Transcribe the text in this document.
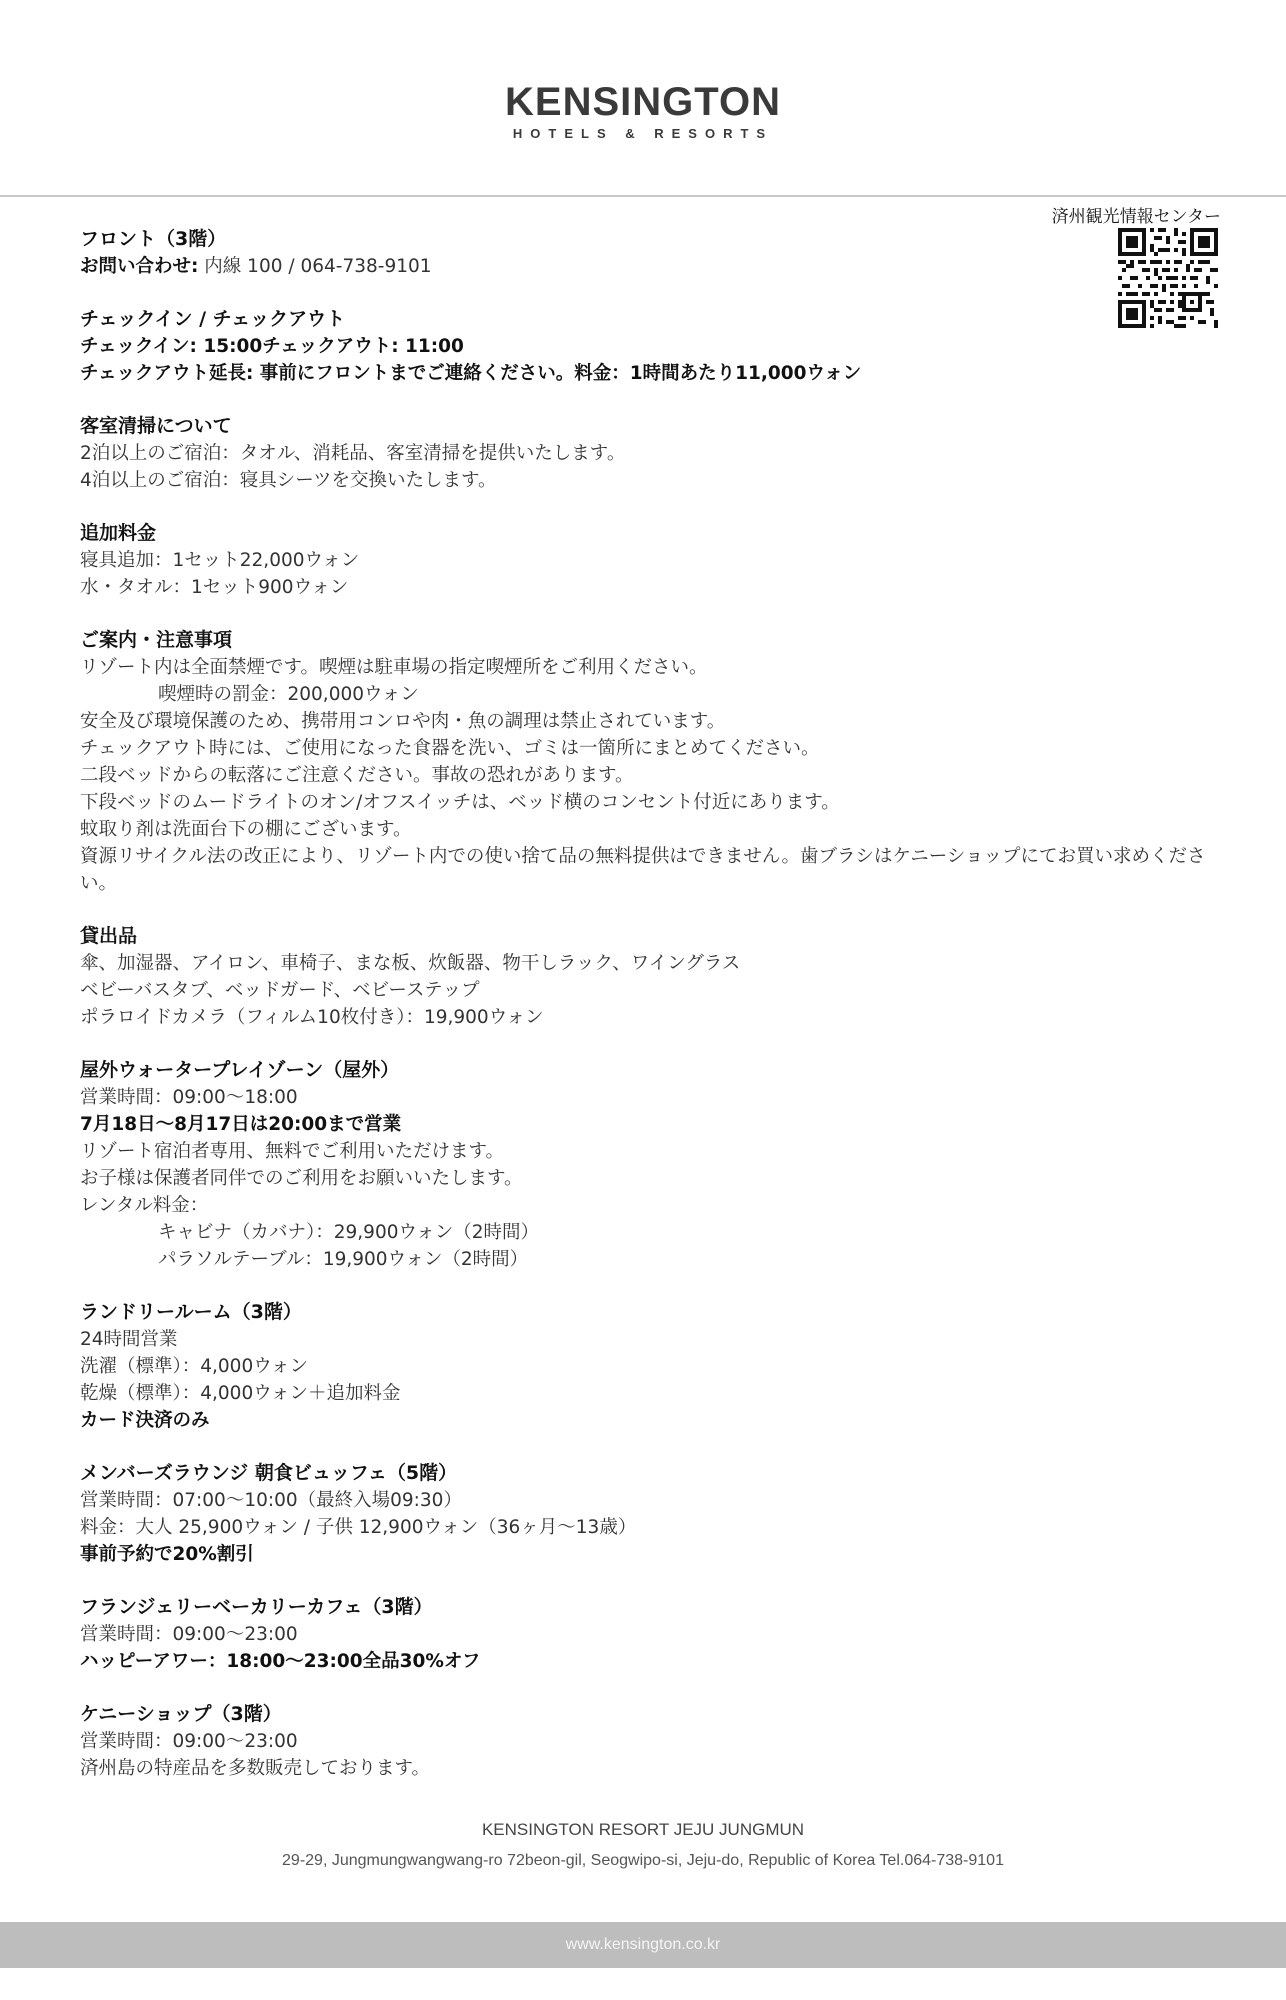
KENSINGTON
HOTELS & RESORTS
済州観光情報センター
フロント（3階）
お問い合わせ: 内線 100 / 064-738-9101
チェックイン / チェックアウト
チェックイン: 15:00チェックアウト: 11:00
チェックアウト延長: 事前にフロントまでご連絡ください。料金：1時間あたり11,000ウォン
客室清掃について
2泊以上のご宿泊：タオル、消耗品、客室清掃を提供いたします。
4泊以上のご宿泊：寝具シーツを交換いたします。
追加料金
寝具追加：1セット22,000ウォン
水・タオル：1セット900ウォン
ご案内・注意事項
リゾート内は全面禁煙です。喫煙は駐車場の指定喫煙所をご利用ください。
喫煙時の罰金：200,000ウォン
安全及び環境保護のため、携帯用コンロや肉・魚の調理は禁止されています。
チェックアウト時には、ご使用になった食器を洗い、ゴミは一箇所にまとめてください。
二段ベッドからの転落にご注意ください。事故の恐れがあります。
下段ベッドのムードライトのオン/オフスイッチは、ベッド横のコンセント付近にあります。
蚊取り剤は洗面台下の棚にございます。
資源リサイクル法の改正により、リゾート内での使い捨て品の無料提供はできません。歯ブラシはケニーショップにてお買い求めください。
貸出品
傘、加湿器、アイロン、車椅子、まな板、炊飯器、物干しラック、ワイングラス
ベビーバスタブ、ベッドガード、ベビーステップ
ポラロイドカメラ（フィルム10枚付き）：19,900ウォン
屋外ウォータープレイゾーン（屋外）
営業時間：09:00～18:00
7月18日～8月17日は20:00まで営業
リゾート宿泊者専用、無料でご利用いただけます。
お子様は保護者同伴でのご利用をお願いいたします。
レンタル料金：
キャビナ（カバナ）：29,900ウォン（2時間）
パラソルテーブル：19,900ウォン（2時間）
ランドリールーム（3階）
24時間営業
洗濯（標準）：4,000ウォン
乾燥（標準）：4,000ウォン＋追加料金
カード決済のみ
メンバーズラウンジ 朝食ビュッフェ（5階）
営業時間：07:00～10:00（最終入場09:30）
料金：大人 25,900ウォン / 子供 12,900ウォン（36ヶ月～13歳）
事前予約で20%割引
フランジェリーベーカリーカフェ（3階）
営業時間：09:00～23:00
ハッピーアワー：18:00～23:00全品30%オフ
ケニーショップ（3階）
営業時間：09:00～23:00
済州島の特産品を多数販売しております。
KENSINGTON RESORT JEJU JUNGMUN
29-29, Jungmungwangwang-ro 72beon-gil, Seogwipo-si, Jeju-do, Republic of Korea Tel.064-738-9101
www.kensington.co.kr
